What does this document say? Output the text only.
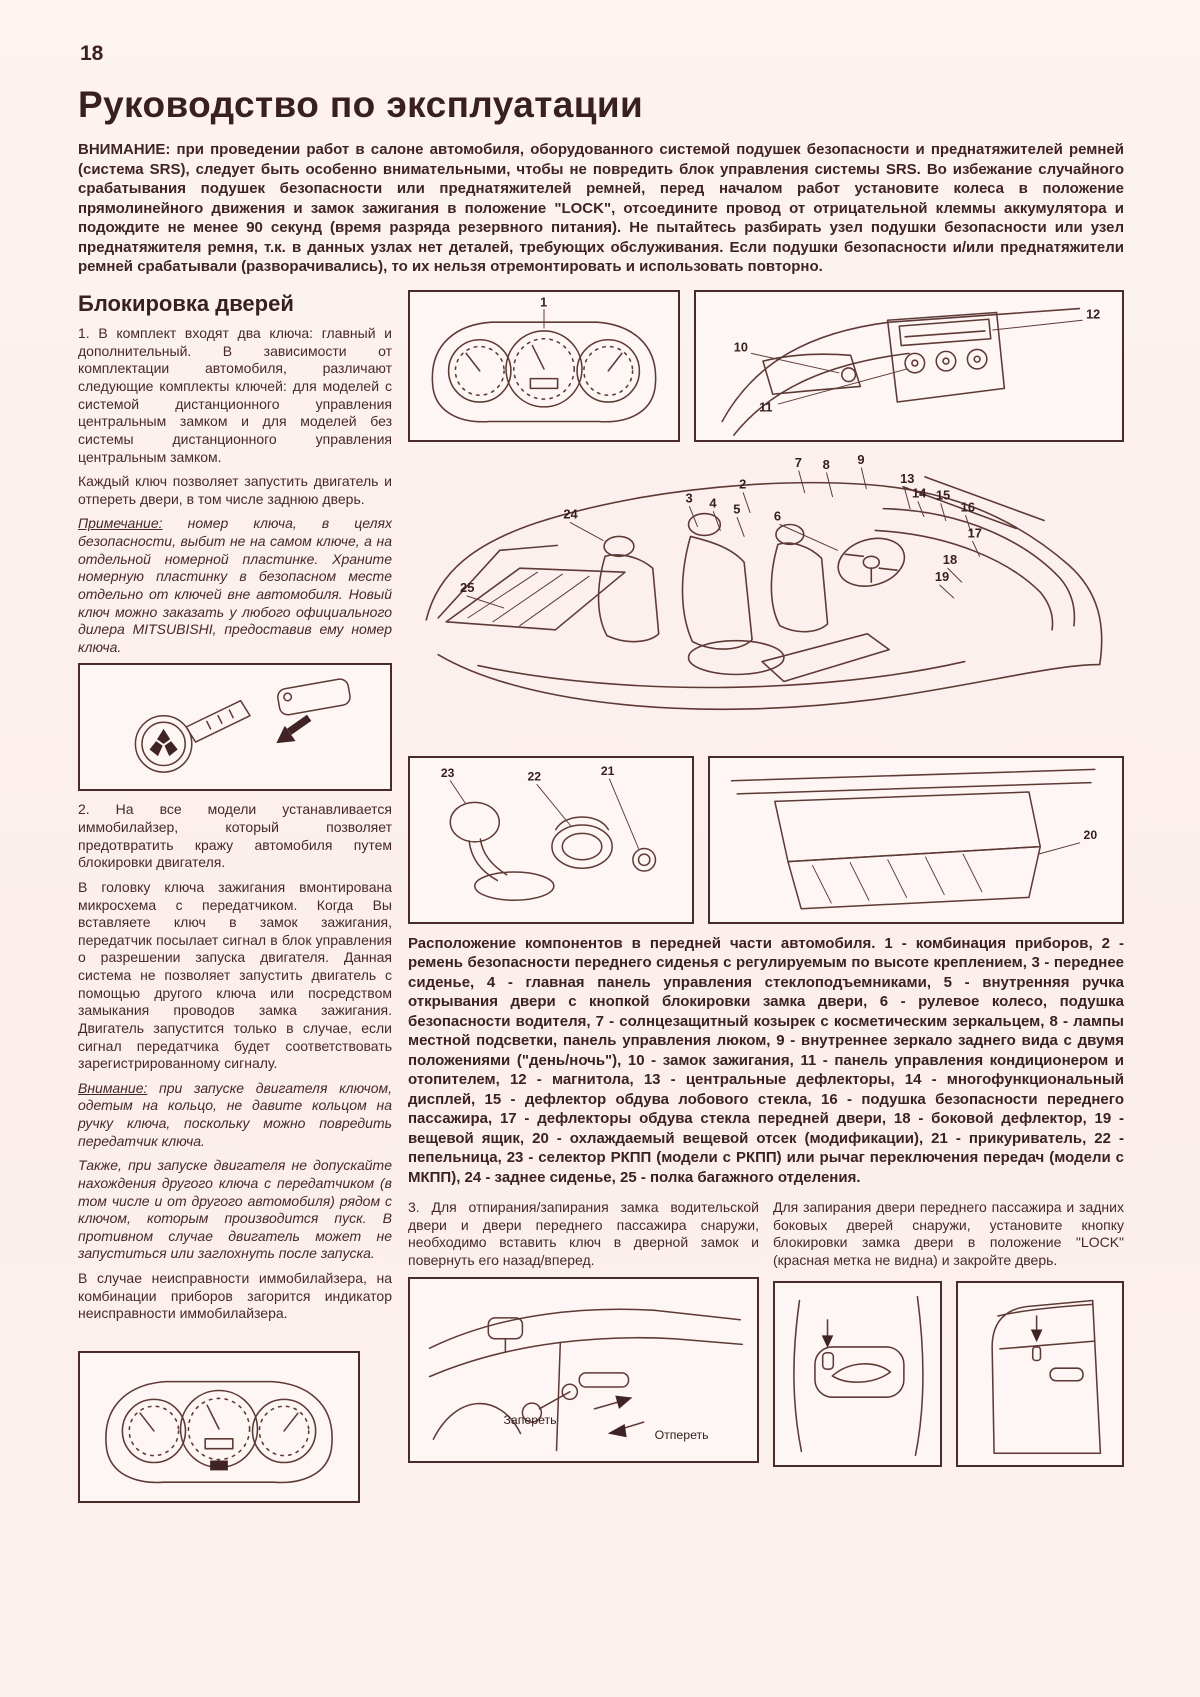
18
Руководство по эксплуатации

ВНИМАНИЕ: при проведении работ в салоне автомобиля, оборудованного системой подушек безопасности и преднатяжителей ремней (система SRS), следует быть особенно внимательными, чтобы не повредить блок управления системы SRS. Во избежание случайного срабатывания подушек безопасности или преднатяжителей ремней, перед началом работ установите колеса в положение прямолинейного движения и замок зажигания в положение "LOCK", отсоедините провод от отрицательной клеммы аккумулятора и подождите не менее 90 секунд (время разряда резервного питания). Не пытайтесь разбирать узел подушки безопасности или узел преднатяжителя ремня, т.к. в данных узлах нет деталей, требующих обслуживания. Если подушки безопасности и/или преднатяжители ремней срабатывали (разворачивались), то их нельзя отремонтировать и использовать повторно.

Блокировка дверей

1. В комплект входят два ключа: главный и дополнительный. В зависимости от комплектации автомобиля, различают следующие комплекты ключей: для моделей с системой дистанционного управления центральным замком и для моделей без системы дистанционного управления центральным замком.

Каждый ключ позволяет запустить двигатель и отпереть двери, в том числе заднюю дверь.

Примечание: номер ключа, в целях безопасности, выбит не на самом ключе, а на отдельной номерной пластинке. Храните номерную пластинку в безопасном месте отдельно от ключей вне автомобиля. Новый ключ можно заказать у любого официального дилера MITSUBISHI, предоставив ему номер ключа.

2. На все модели устанавливается иммобилайзер, который позволяет предотвратить кражу автомобиля путем блокировки двигателя.

В головку ключа зажигания вмонтирована микросхема с передатчиком. Когда Вы вставляете ключ в замок зажигания, передатчик посылает сигнал в блок управления о разрешении запуска двигателя. Данная система не позволяет запустить двигатель с помощью другого ключа или посредством замыкания проводов замка зажигания. Двигатель запустится только в случае, если сигнал передатчика будет соответствовать зарегистрированному сигналу.

Внимание: при запуске двигателя ключом, одетым на кольцо, не давите кольцом на ручку ключа, поскольку можно повредить передатчик ключа.

Также, при запуске двигателя не допускайте нахождения другого ключа с передатчиком (в том числе и от другого автомобиля) рядом с ключом, которым производится пуск. В противном случае двигатель может не запуститься или заглохнуть после запуска.

В случае неисправности иммобилайзера, на комбинации приборов загорится индикатор неисправности иммобилайзера.

1
10
11
12
2
3 4 5	6
7 8 9
13
14 15
16
17
18
19
24
25
23	22	21
20

Расположение компонентов в передней части автомобиля. 1 - комбинация приборов, 2 - ремень безопасности переднего сиденья с регулируемым по высоте креплением, 3 - переднее сиденье, 4 - главная панель управления стеклоподъемниками, 5 - внутренняя ручка открывания двери с кнопкой блокировки замка двери, 6 - рулевое колесо, подушка безопасности водителя, 7 - солнцезащитный козырек с косметическим зеркальцем, 8 - лампы местной подсветки, панель управления люком, 9 - внутреннее зеркало заднего вида с двумя положениями ("день/ночь"), 10 - замок зажигания, 11 - панель управления кондиционером и отопителем, 12 - магнитола, 13 - центральные дефлекторы, 14 - многофункциональный дисплей, 15 - дефлектор обдува лобового стекла, 16 - подушка безопасности переднего пассажира, 17 - дефлекторы обдува стекла передней двери, 18 - боковой дефлектор, 19 - вещевой ящик, 20 - охлаждаемый вещевой отсек (модификации), 21 - прикуриватель, 22 - пепельница, 23 - селектор РКПП (модели с РКПП) или рычаг переключения передач (модели с МКПП), 24 - заднее сиденье, 25 - полка багажного отделения.

3. Для отпирания/запирания замка водительской двери и двери переднего пассажира снаружи, необходимо вставить ключ в дверной замок и повернуть его назад/вперед.

Запереть
Отпереть

Для запирания двери переднего пассажира и задних боковых дверей снаружи, установите кнопку блокировки замка двери в положение "LOCK" (красная метка не видна) и закройте дверь.
